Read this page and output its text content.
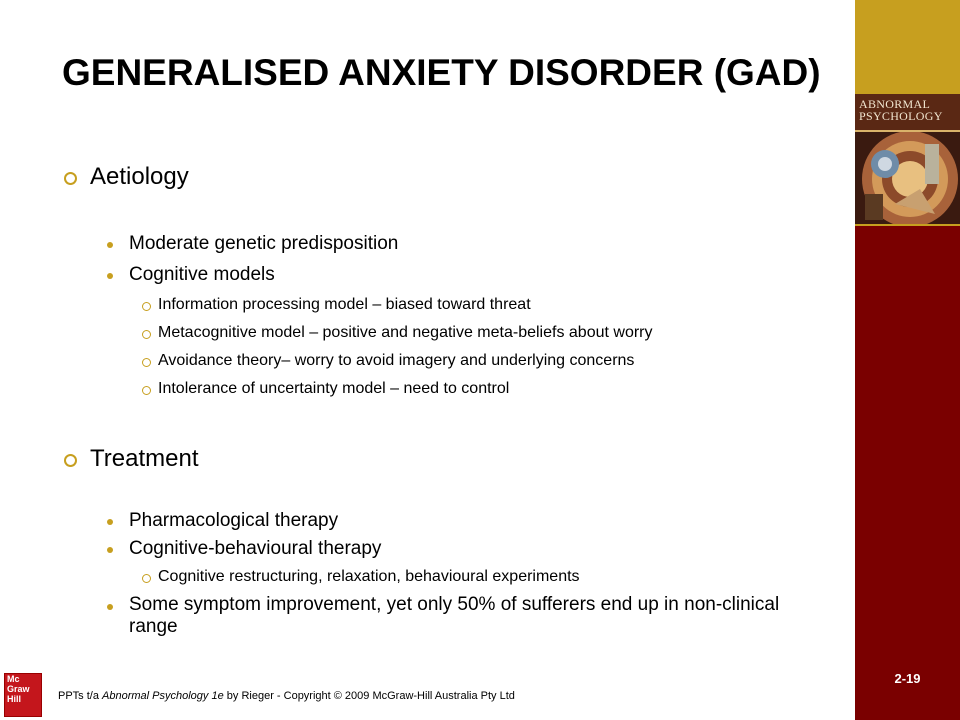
ABNORMAL
PSYCHOLOGY
2-19
GENERALISED ANXIETY DISORDER (GAD)
Aetiology
Moderate genetic predisposition
Cognitive models
Information processing model – biased toward threat
Metacognitive model – positive and negative meta-beliefs about worry
Avoidance theory– worry to avoid imagery and underlying concerns
Intolerance of uncertainty model – need to control
Treatment
Pharmacological therapy
Cognitive-behavioural therapy
Cognitive restructuring, relaxation, behavioural experiments
Some symptom improvement, yet only 50% of sufferers end up in non-clinical range
Mc
Graw
Hill	PPTs t/a Abnormal Psychology 1e by Rieger - Copyright © 2009 McGraw-Hill Australia Pty Ltd
